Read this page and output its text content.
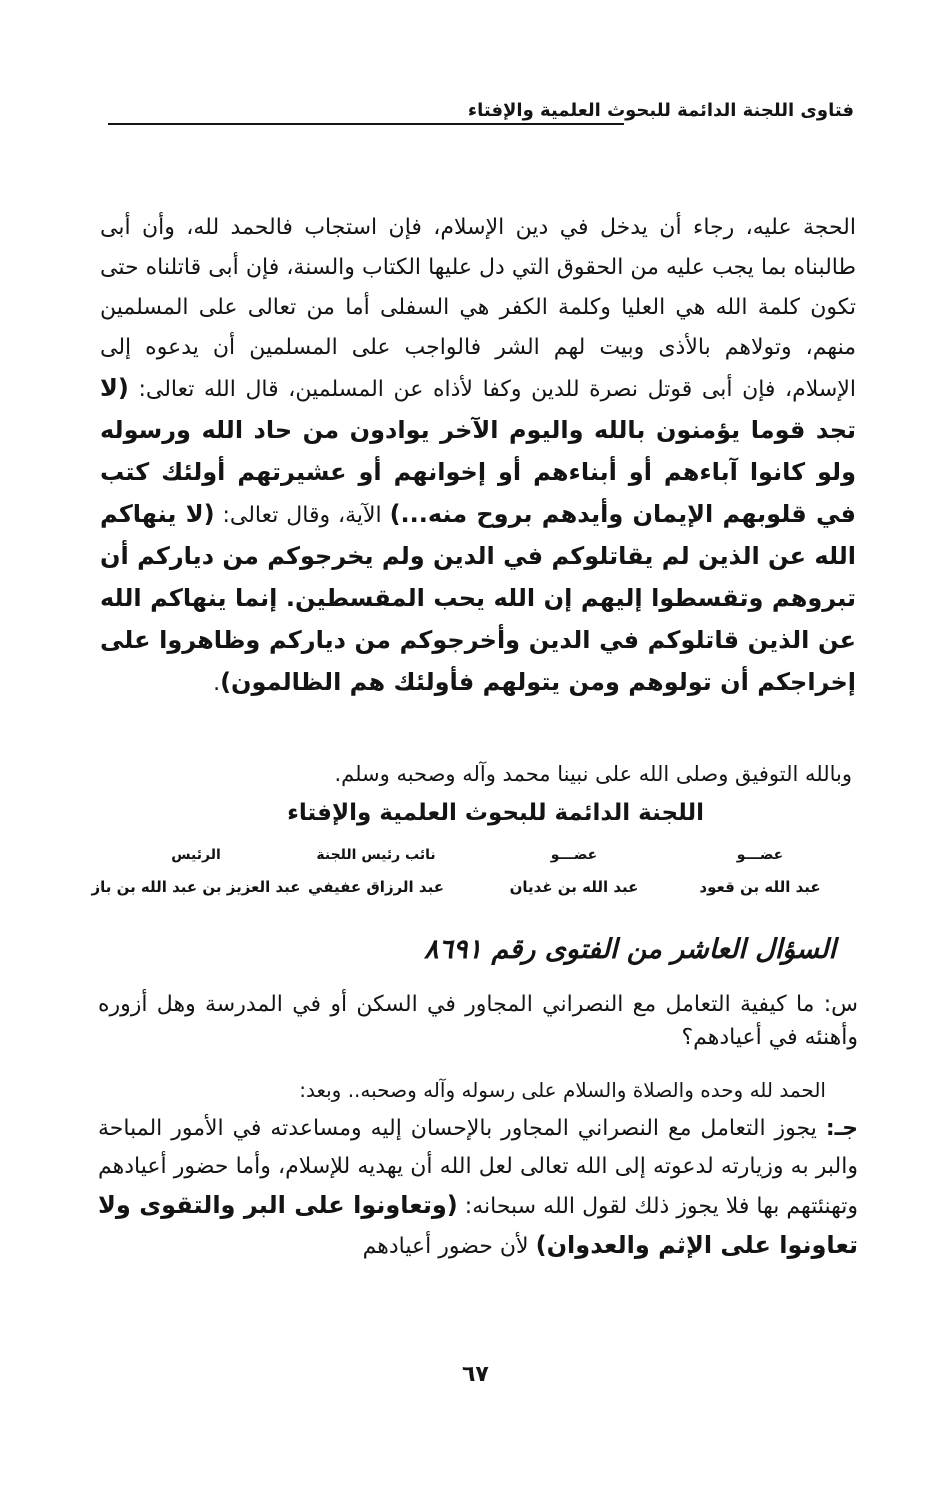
فتاوى اللجنة الدائمة للبحوث العلمية والإفتاء
الحجة عليه، رجاء أن يدخل في دين الإسلام، فإن استجاب فالحمد لله، وأن أبى طالبناه بما يجب عليه من الحقوق التي دل عليها الكتاب والسنة، فإن أبى قاتلناه حتى تكون كلمة الله هي العليا وكلمة الكفر هي السفلى أما من تعالى على المسلمين منهم، وتولاهم بالأذى وبيت لهم الشر فالواجب على المسلمين أن يدعوه إلى الإسلام، فإن أبى قوتل نصرة للدين وكفا لأذاه عن المسلمين، قال الله تعالى: (لا تجد قوما يؤمنون بالله واليوم الآخر يوادون من حاد الله ورسوله ولو كانوا آباءهم أو أبناءهم أو إخوانهم أو عشيرتهم أولئك كتب في قلوبهم الإيمان وأيدهم بروح منه...) الآية، وقال تعالى: (لا ينهاكم الله عن الذين لم يقاتلوكم في الدين ولم يخرجوكم من دياركم أن تبروهم وتقسطوا إليهم إن الله يحب المقسطين. إنما ينهاكم الله عن الذين قاتلوكم في الدين وأخرجوكم من دياركم وظاهروا على إخراجكم أن تولوهم ومن يتولهم فأولئك هم الظالمون).
وبالله التوفيق وصلى الله على نبينا محمد وآله وصحبه وسلم.
اللجنة الدائمة للبحوث العلمية والإفتاء
عضـــو
عبد الله بن قعود
عضـــو
عبد الله بن غديان
نائب رئيس اللجنة
عبد الرزاق عفيفي
الرئيس
عبد العزيز بن عبد الله بن باز
السؤال العاشر من الفتوى رقم ٨٦٩١
س: ما كيفية التعامل مع النصراني المجاور في السكن أو في المدرسة وهل أزوره وأهنئه في أعيادهم؟
الحمد لله وحده والصلاة والسلام على رسوله وآله وصحبه.. وبعد:
جـ: يجوز التعامل مع النصراني المجاور بالإحسان إليه ومساعدته في الأمور المباحة والبر به وزيارته لدعوته إلى الله تعالى لعل الله أن يهديه للإسلام، وأما حضور أعيادهم وتهنئتهم بها فلا يجوز ذلك لقول الله سبحانه: (وتعاونوا على البر والتقوى ولا تعاونوا على الإثم والعدوان) لأن حضور أعيادهم
٦٧
